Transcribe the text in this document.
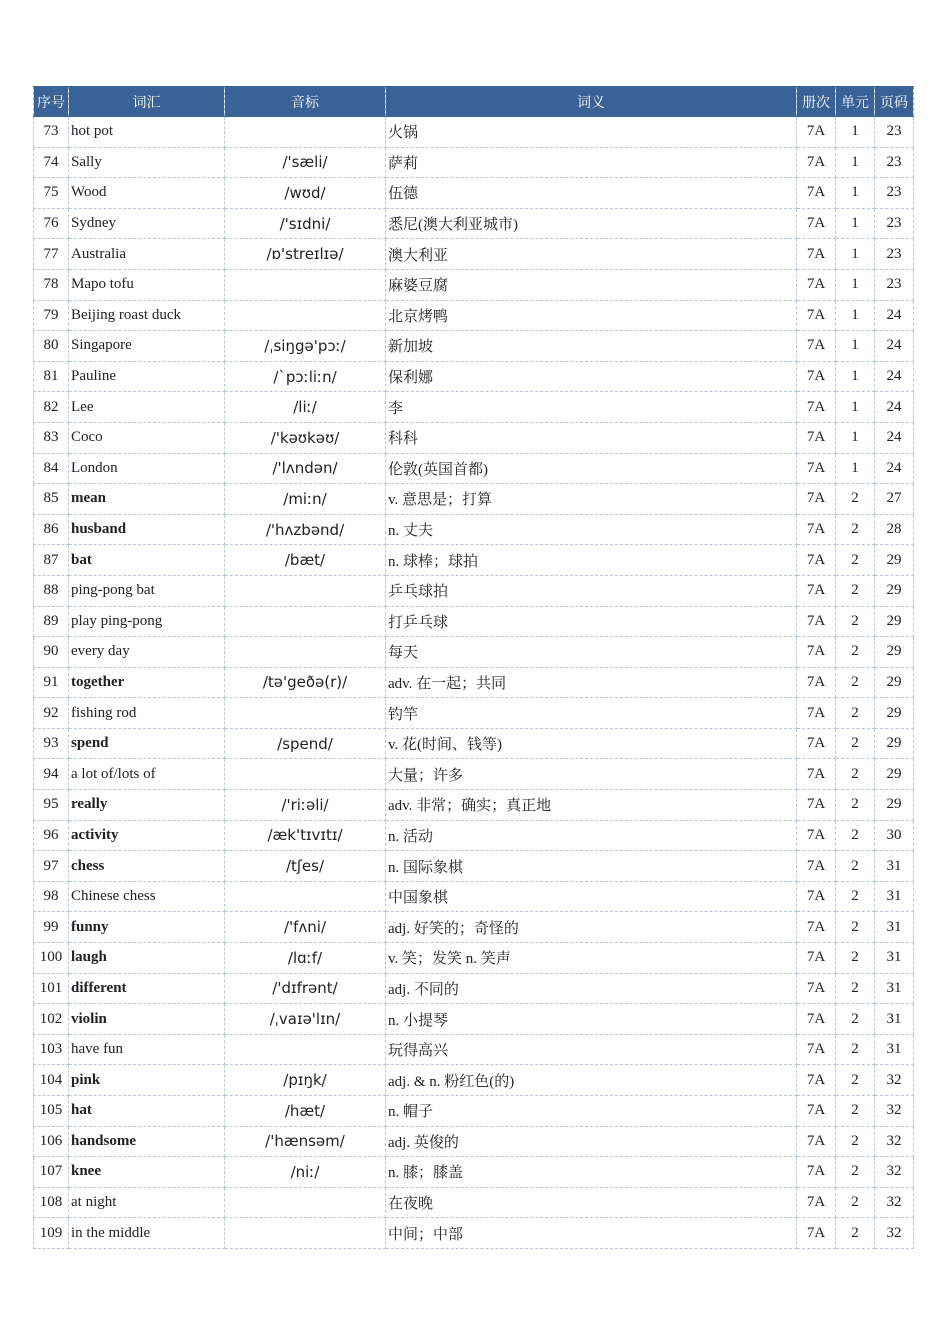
序号	词汇	音标	词义	册次	单元	页码
73	hot pot		火锅	7A	1	23
74	Sally	/'sæli/	萨莉	7A	1	23
75	Wood	/wʊd/	伍德	7A	1	23
76	Sydney	/'sɪdni/	悉尼(澳大利亚城市)	7A	1	23
77	Australia	/ɒ'streɪlɪə/	澳大利亚	7A	1	23
78	Mapo tofu		麻婆豆腐	7A	1	23
79	Beijing roast duck		北京烤鸭	7A	1	24
80	Singapore	/ˌsiŋgə'pɔː/	新加坡	7A	1	24
81	Pauline	/ˋpɔːliːn/	保利娜	7A	1	24
82	Lee	/liː/	李	7A	1	24
83	Coco	/'kəʊkəʊ/	科科	7A	1	24
84	London	/'lʌndən/	伦敦(英国首都)	7A	1	24
85	mean	/miːn/	v. 意思是；打算	7A	2	27
86	husband	/'hʌzbənd/	n. 丈夫	7A	2	28
87	bat	/bæt/	n. 球棒；球拍	7A	2	29
88	ping-pong bat		乒乓球拍	7A	2	29
89	play ping-pong		打乒乓球	7A	2	29
90	every day		每天	7A	2	29
91	together	/tə'geðə(r)/	adv. 在一起；共同	7A	2	29
92	fishing rod		钓竿	7A	2	29
93	spend	/spend/	v. 花(时间、钱等)	7A	2	29
94	a lot of/lots of		大量；许多	7A	2	29
95	really	/'riːəli/	adv. 非常；确实；真正地	7A	2	29
96	activity	/æk'tɪvɪtɪ/	n. 活动	7A	2	30
97	chess	/tʃes/	n. 国际象棋	7A	2	31
98	Chinese chess		中国象棋	7A	2	31
99	funny	/'fʌni/	adj. 好笑的；奇怪的	7A	2	31
100	laugh	/lɑːf/	v. 笑；发笑 n. 笑声	7A	2	31
101	different	/'dɪfrənt/	adj. 不同的	7A	2	31
102	violin	/ˌvaɪə'lɪn/	n. 小提琴	7A	2	31
103	have fun		玩得高兴	7A	2	31
104	pink	/pɪŋk/	adj. & n. 粉红色(的)	7A	2	32
105	hat	/hæt/	n. 帽子	7A	2	32
106	handsome	/'hænsəm/	adj. 英俊的	7A	2	32
107	knee	/niː/	n. 膝；膝盖	7A	2	32
108	at night		在夜晚	7A	2	32
109	in the middle		中间；中部	7A	2	32
